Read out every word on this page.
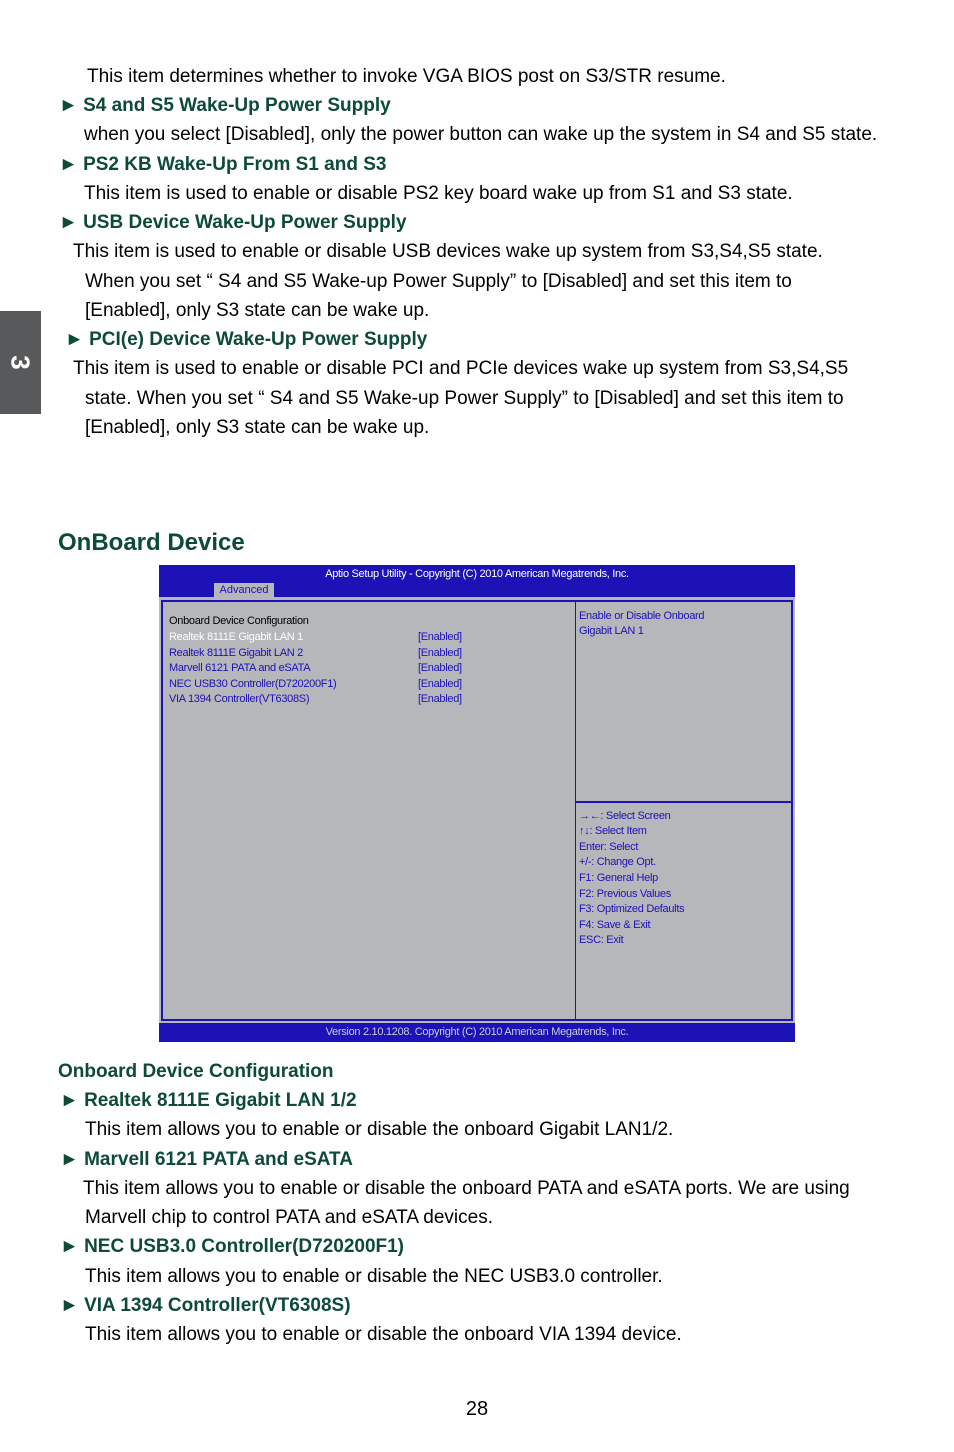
3
This item determines whether to invoke VGA BIOS post on S3/STR resume.
► S4 and S5 Wake-Up Power Supply
when you select [Disabled], only the power button can wake up the system in S4 and S5 state.
► PS2 KB Wake-Up From S1 and S3
This item is used to enable or disable PS2 key board wake up from S1 and S3 state.
► USB Device Wake-Up Power Supply
This item is used to enable or disable USB devices wake up system from S3,S4,S5 state.
When you set “ S4 and S5 Wake-up Power Supply” to [Disabled] and set this item to
[Enabled], only S3 state can be wake up.
► PCI(e) Device Wake-Up Power Supply
This item is used to enable or disable PCI and PCIe devices wake up system from S3,S4,S5
state. When you set “ S4 and S5 Wake-up Power Supply” to [Disabled] and set this item to
[Enabled], only S3 state can be wake up.
OnBoard Device
Aptio Setup Utility - Copyright (C) 2010 American Megatrends, Inc.
Advanced
Onboard Device Configuration
Realtek 8111E Gigabit LAN 1	[Enabled]
Realtek 8111E Gigabit LAN 2	[Enabled]
Marvell 6121 PATA and eSATA	[Enabled]
NEC USB30 Controller(D720200F1)	[Enabled]
VIA 1394 Controller(VT6308S)	[Enabled]
Enable or Disable Onboard
Gigabit LAN 1
→←: Select Screen
↑↓: Select Item
Enter: Select
+/-: Change Opt.
F1: General Help
F2: Previous Values
F3: Optimized Defaults
F4: Save & Exit
ESC: Exit
Version 2.10.1208. Copyright (C) 2010 American Megatrends, Inc.
Onboard Device Configuration
► Realtek 8111E Gigabit LAN 1/2
This item allows you to enable or disable the onboard Gigabit LAN1/2.
► Marvell 6121 PATA and eSATA
This item allows you to enable or disable the onboard PATA and eSATA ports. We are using
Marvell chip to control PATA and eSATA devices.
► NEC USB3.0 Controller(D720200F1)
This item allows you to enable or disable the NEC USB3.0 controller.
► VIA 1394 Controller(VT6308S)
This item allows you to enable or disable the onboard VIA 1394 device.
28
